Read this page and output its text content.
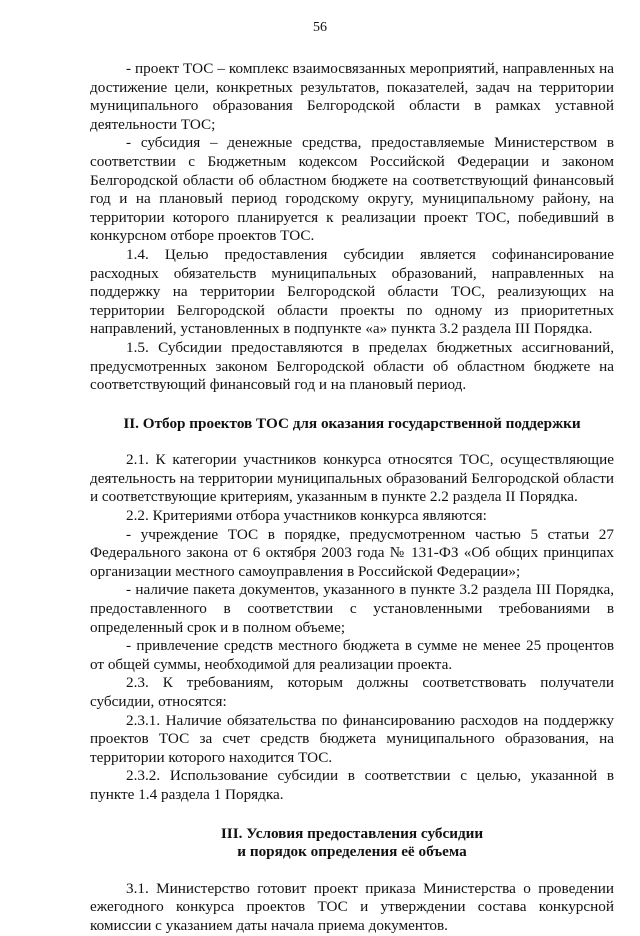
56

- проект ТОС – комплекс взаимосвязанных мероприятий, направленных на достижение цели, конкретных результатов, показателей, задач на территории муниципального образования Белгородской области в рамках уставной деятельности ТОС;

- субсидия – денежные средства, предоставляемые Министерством в соответствии с Бюджетным кодексом Российской Федерации и законом Белгородской области об областном бюджете на соответствующий финансовый год и на плановый период городскому округу, муниципальному району, на территории которого планируется к реализации проект ТОС, победивший в конкурсном отборе проектов ТОС.

1.4. Целью предоставления субсидии является софинансирование расходных обязательств муниципальных образований, направленных на поддержку на территории Белгородской области ТОС, реализующих на территории Белгородской области проекты по одному из приоритетных направлений, установленных в подпункте «а» пункта 3.2 раздела III Порядка.

1.5. Субсидии предоставляются в пределах бюджетных ассигнований, предусмотренных законом Белгородской области об областном бюджете на соответствующий финансовый год и на плановый период.

II. Отбор проектов ТОС для оказания государственной поддержки

2.1. К категории участников конкурса относятся ТОС, осуществляющие деятельность на территории муниципальных образований Белгородской области и соответствующие критериям, указанным в пункте 2.2 раздела II Порядка.

2.2. Критериями отбора участников конкурса являются:

- учреждение ТОС в порядке, предусмотренном частью 5 статьи 27 Федерального закона от 6 октября 2003 года № 131-ФЗ «Об общих принципах организации местного самоуправления в Российской Федерации»;

- наличие пакета документов, указанного в пункте 3.2 раздела III Порядка, предоставленного в соответствии с установленными требованиями в определенный срок и в полном объеме;

- привлечение средств местного бюджета в сумме не менее 25 процентов от общей суммы, необходимой для реализации проекта.

2.3. К требованиям, которым должны соответствовать получатели субсидии, относятся:

2.3.1. Наличие обязательства по финансированию расходов на поддержку проектов ТОС за счет средств бюджета муниципального образования, на территории которого находится ТОС.

2.3.2. Использование субсидии в соответствии с целью, указанной в пункте 1.4 раздела 1 Порядка.

III. Условия предоставления субсидии
и порядок определения её объема

3.1. Министерство готовит проект приказа Министерства о проведении ежегодного конкурса проектов ТОС и утверждении состава конкурсной комиссии с указанием даты начала приема документов.
